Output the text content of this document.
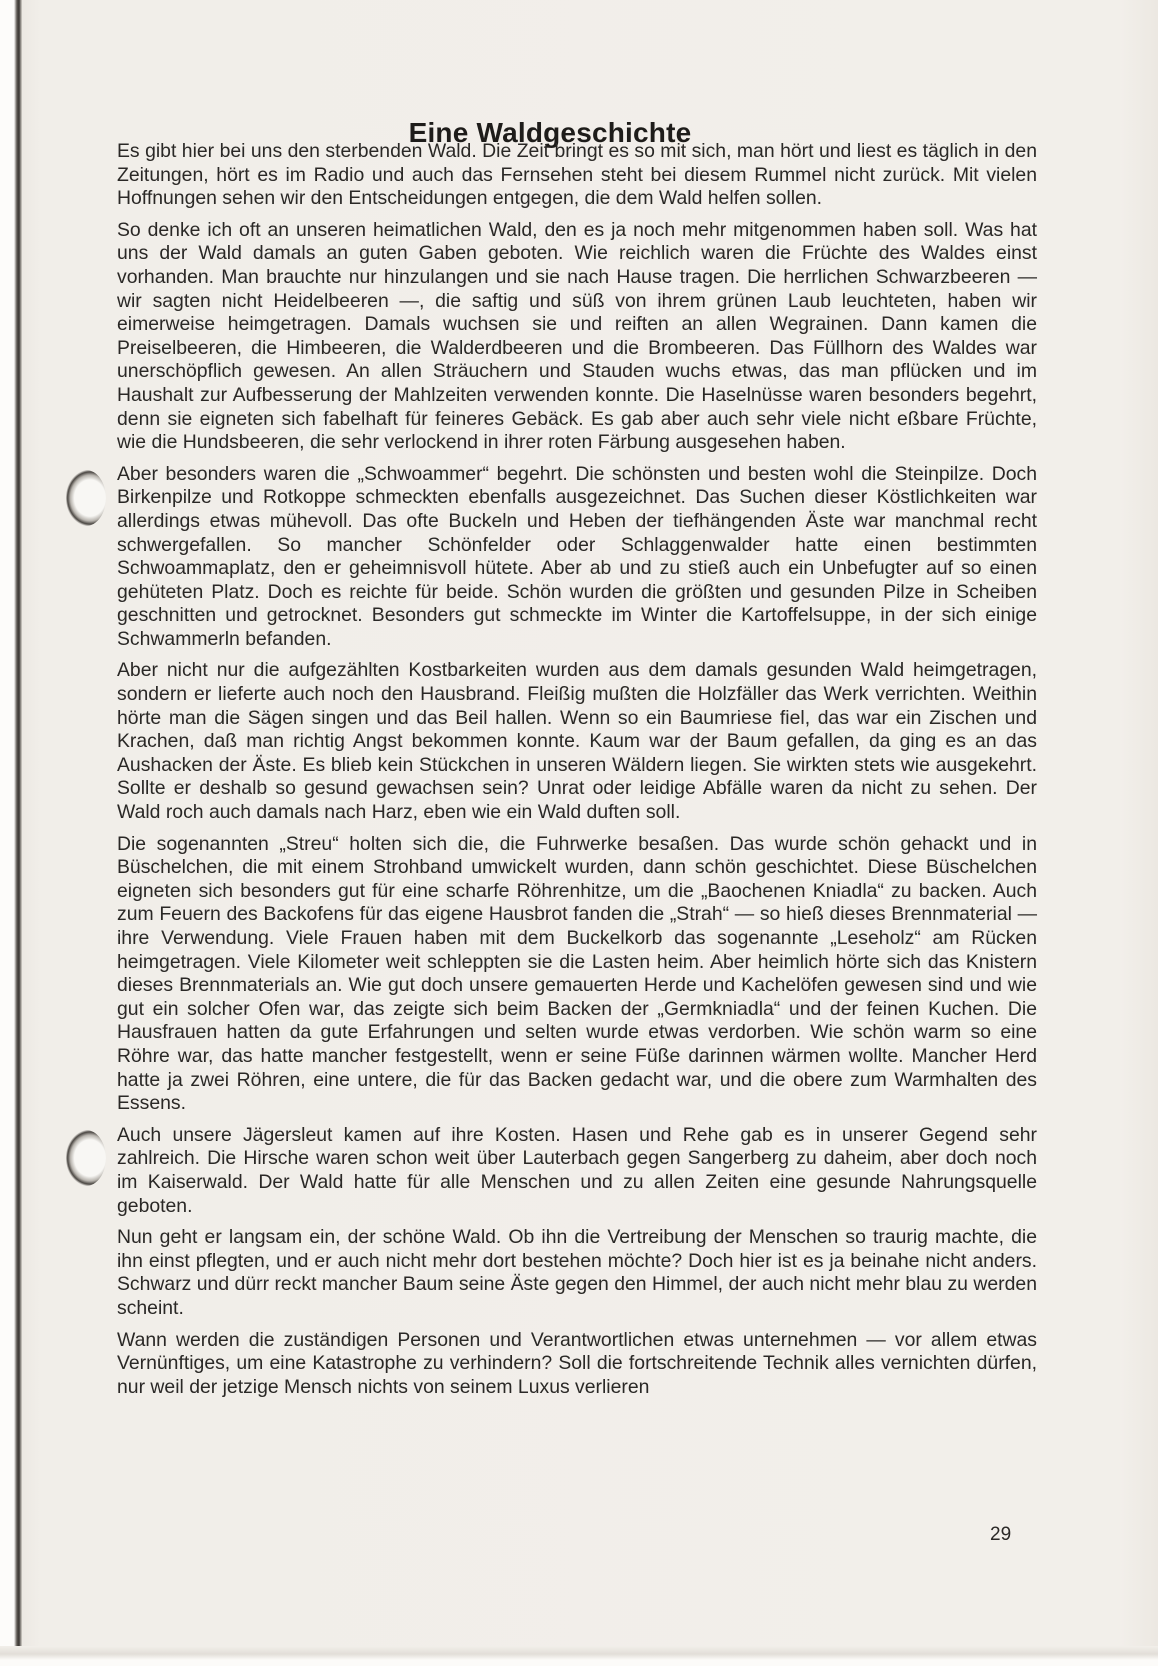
Eine Waldgeschichte

Es gibt hier bei uns den sterbenden Wald. Die Zeit bringt es so mit sich, man hört und liest es täglich in den Zeitungen, hört es im Radio und auch das Fernsehen steht bei diesem Rummel nicht zurück. Mit vielen Hoffnungen sehen wir den Entscheidungen entgegen, die dem Wald helfen sollen.

So denke ich oft an unseren heimatlichen Wald, den es ja noch mehr mitgenommen haben soll. Was hat uns der Wald damals an guten Gaben geboten. Wie reichlich waren die Früchte des Waldes einst vorhanden. Man brauchte nur hinzulangen und sie nach Hause tragen. Die herrlichen Schwarzbeeren — wir sagten nicht Heidelbeeren —, die saftig und süß von ihrem grünen Laub leuchteten, haben wir eimerweise heimgetragen. Damals wuchsen sie und reiften an allen Wegrainen. Dann kamen die Preiselbeeren, die Himbeeren, die Walderdbeeren und die Brombeeren. Das Füllhorn des Waldes war unerschöpflich gewesen. An allen Sträuchern und Stauden wuchs etwas, das man pflücken und im Haushalt zur Aufbesserung der Mahlzeiten verwenden konnte. Die Haselnüsse waren besonders begehrt, denn sie eigneten sich fabelhaft für feineres Gebäck. Es gab aber auch sehr viele nicht eßbare Früchte, wie die Hundsbeeren, die sehr verlockend in ihrer roten Färbung ausgesehen haben.

Aber besonders waren die „Schwoammer“ begehrt. Die schönsten und besten wohl die Steinpilze. Doch Birkenpilze und Rotkoppe schmeckten ebenfalls ausgezeichnet. Das Suchen dieser Köstlichkeiten war allerdings etwas mühevoll. Das ofte Buckeln und Heben der tiefhängenden Äste war manchmal recht schwergefallen. So mancher Schönfelder oder Schlaggenwalder hatte einen bestimmten Schwoammaplatz, den er geheimnisvoll hütete. Aber ab und zu stieß auch ein Unbefugter auf so einen gehüteten Platz. Doch es reichte für beide. Schön wurden die größten und gesunden Pilze in Scheiben geschnitten und getrocknet. Besonders gut schmeckte im Winter die Kartoffelsuppe, in der sich einige Schwammerln befanden.

Aber nicht nur die aufgezählten Kostbarkeiten wurden aus dem damals gesunden Wald heimgetragen, sondern er lieferte auch noch den Hausbrand. Fleißig mußten die Holzfäller das Werk verrichten. Weithin hörte man die Sägen singen und das Beil hallen. Wenn so ein Baumriese fiel, das war ein Zischen und Krachen, daß man richtig Angst bekommen konnte. Kaum war der Baum gefallen, da ging es an das Aushacken der Äste. Es blieb kein Stückchen in unseren Wäldern liegen. Sie wirkten stets wie ausgekehrt. Sollte er deshalb so gesund gewachsen sein? Unrat oder leidige Abfälle waren da nicht zu sehen. Der Wald roch auch damals nach Harz, eben wie ein Wald duften soll.

Die sogenannten „Streu“ holten sich die, die Fuhrwerke besaßen. Das wurde schön gehackt und in Büschelchen, die mit einem Strohband umwickelt wurden, dann schön geschichtet. Diese Büschelchen eigneten sich besonders gut für eine scharfe Röhrenhitze, um die „Baochenen Kniadla“ zu backen. Auch zum Feuern des Backofens für das eigene Hausbrot fanden die „Strah“ — so hieß dieses Brennmaterial — ihre Verwendung. Viele Frauen haben mit dem Buckelkorb das sogenannte „Leseholz“ am Rücken heimgetragen. Viele Kilometer weit schleppten sie die Lasten heim. Aber heimlich hörte sich das Knistern dieses Brennmaterials an. Wie gut doch unsere gemauerten Herde und Kachelöfen gewesen sind und wie gut ein solcher Ofen war, das zeigte sich beim Backen der „Germkniadla“ und der feinen Kuchen. Die Hausfrauen hatten da gute Erfahrungen und selten wurde etwas verdorben. Wie schön warm so eine Röhre war, das hatte mancher festgestellt, wenn er seine Füße darinnen wärmen wollte. Mancher Herd hatte ja zwei Röhren, eine untere, die für das Backen gedacht war, und die obere zum Warmhalten des Essens.

Auch unsere Jägersleut kamen auf ihre Kosten. Hasen und Rehe gab es in unserer Gegend sehr zahlreich. Die Hirsche waren schon weit über Lauterbach gegen Sangerberg zu daheim, aber doch noch im Kaiserwald. Der Wald hatte für alle Menschen und zu allen Zeiten eine gesunde Nahrungsquelle geboten.

Nun geht er langsam ein, der schöne Wald. Ob ihn die Vertreibung der Menschen so traurig machte, die ihn einst pflegten, und er auch nicht mehr dort bestehen möchte? Doch hier ist es ja beinahe nicht anders. Schwarz und dürr reckt mancher Baum seine Äste gegen den Himmel, der auch nicht mehr blau zu werden scheint.

Wann werden die zuständigen Personen und Verantwortlichen etwas unternehmen — vor allem etwas Vernünftiges, um eine Katastrophe zu verhindern? Soll die fortschreitende Technik alles vernichten dürfen, nur weil der jetzige Mensch nichts von seinem Luxus verlieren

29
